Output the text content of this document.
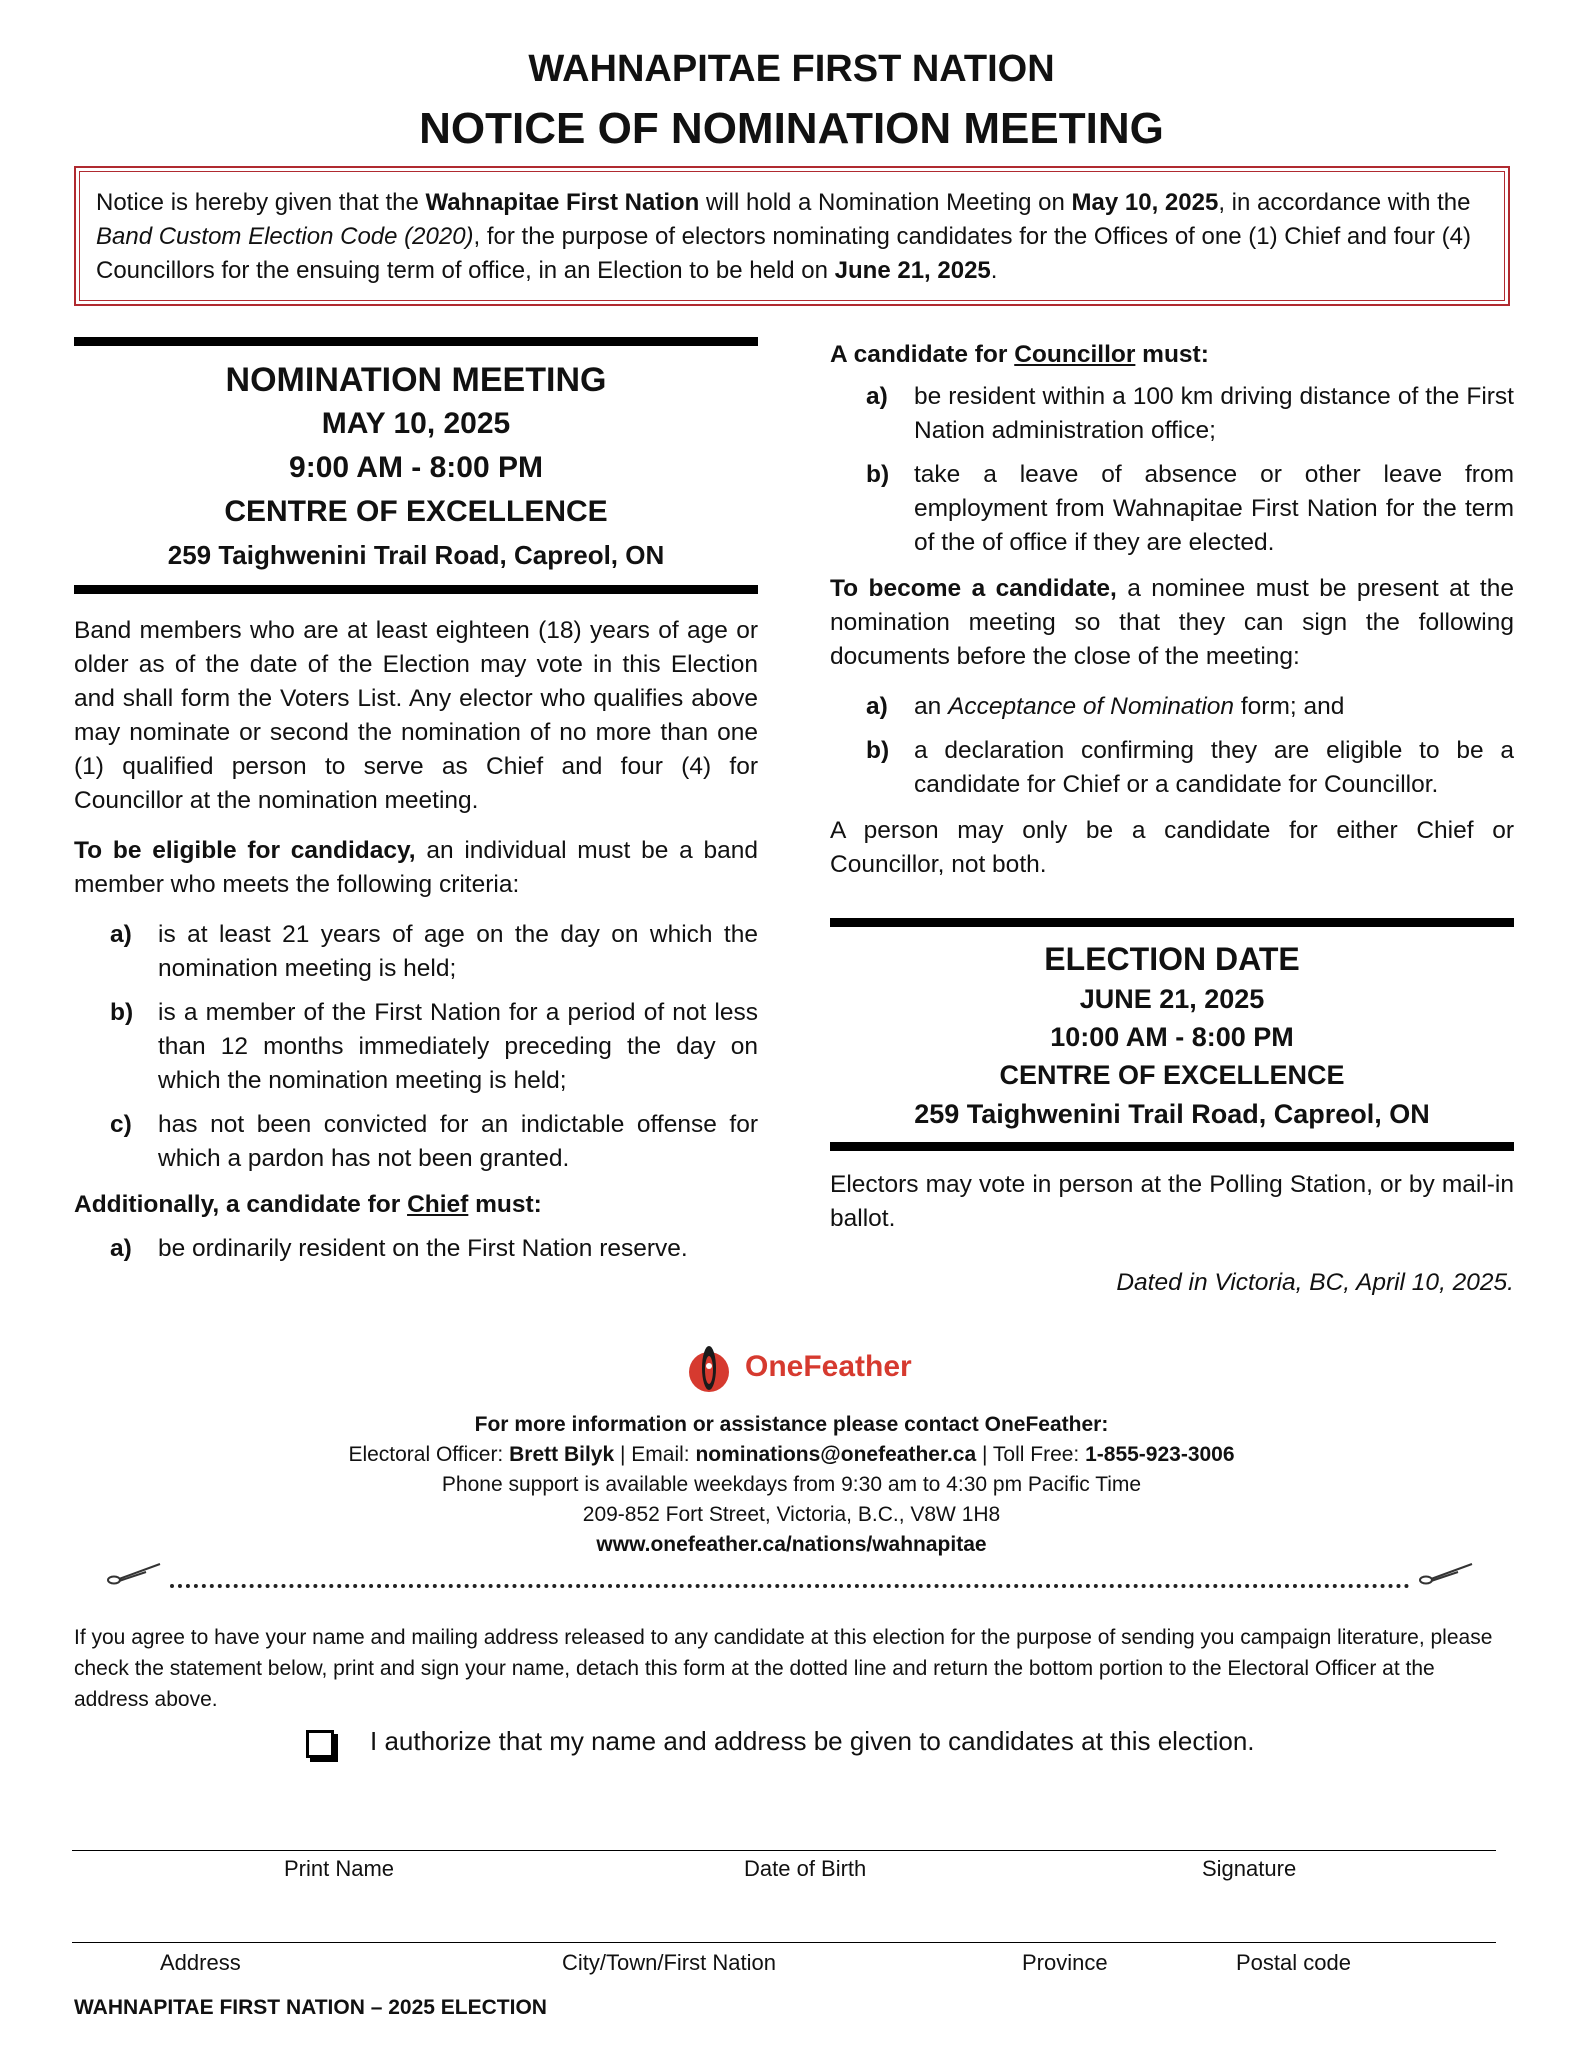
WAHNAPITAE FIRST NATION
NOTICE OF NOMINATION MEETING
Notice is hereby given that the Wahnapitae First Nation will hold a Nomination Meeting on May 10, 2025, in accordance with the Band Custom Election Code (2020), for the purpose of electors nominating candidates for the Offices of one (1) Chief and four (4) Councillors for the ensuing term of office, in an Election to be held on June 21, 2025.
NOMINATION MEETING
MAY 10, 2025
9:00 AM - 8:00 PM
CENTRE OF EXCELLENCE
259 Taighwenini Trail Road, Capreol, ON

Band members who are at least eighteen (18) years of age or older as of the date of the Election may vote in this Election and shall form the Voters List. Any elector who qualifies above may nominate or second the nomination of no more than one (1) qualified person to serve as Chief and four (4) for Councillor at the nomination meeting.

To be eligible for candidacy, an individual must be a band member who meets the following criteria:

a) is at least 21 years of age on the day on which the nomination meeting is held;
b) is a member of the First Nation for a period of not less than 12 months immediately preceding the day on which the nomination meeting is held;
c) has not been convicted for an indictable offense for which a pardon has not been granted.

Additionally, a candidate for Chief must:

a) be ordinarily resident on the First Nation reserve.

A candidate for Councillor must:

a) be resident within a 100 km driving distance of the First Nation administration office;
b) take a leave of absence or other leave from employment from Wahnapitae First Nation for the term of the of office if they are elected.

To become a candidate, a nominee must be present at the nomination meeting so that they can sign the following documents before the close of the meeting:

a) an Acceptance of Nomination form; and
b) a declaration confirming they are eligible to be a candidate for Chief or a candidate for Councillor.

A person may only be a candidate for either Chief or Councillor, not both.

ELECTION DATE
JUNE 21, 2025
10:00 AM - 8:00 PM
CENTRE OF EXCELLENCE
259 Taighwenini Trail Road, Capreol, ON

Electors may vote in person at the Polling Station, or by mail-in ballot.

Dated in Victoria, BC, April 10, 2025.

OneFeather
For more information or assistance please contact OneFeather:
Electoral Officer: Brett Bilyk | Email: nominations@onefeather.ca | Toll Free: 1-855-923-3006
Phone support is available weekdays from 9:30 am to 4:30 pm Pacific Time
209-852 Fort Street, Victoria, B.C., V8W 1H8
www.onefeather.ca/nations/wahnapitae
If you agree to have your name and mailing address released to any candidate at this election for the purpose of sending you campaign literature, please check the statement below, print and sign your name, detach this form at the dotted line and return the bottom portion to the Electoral Officer at the address above.
I authorize that my name and address be given to candidates at this election.
Print Name	Date of Birth	Signature
Address	City/Town/First Nation	Province	Postal code
WAHNAPITAE FIRST NATION – 2025 ELECTION
